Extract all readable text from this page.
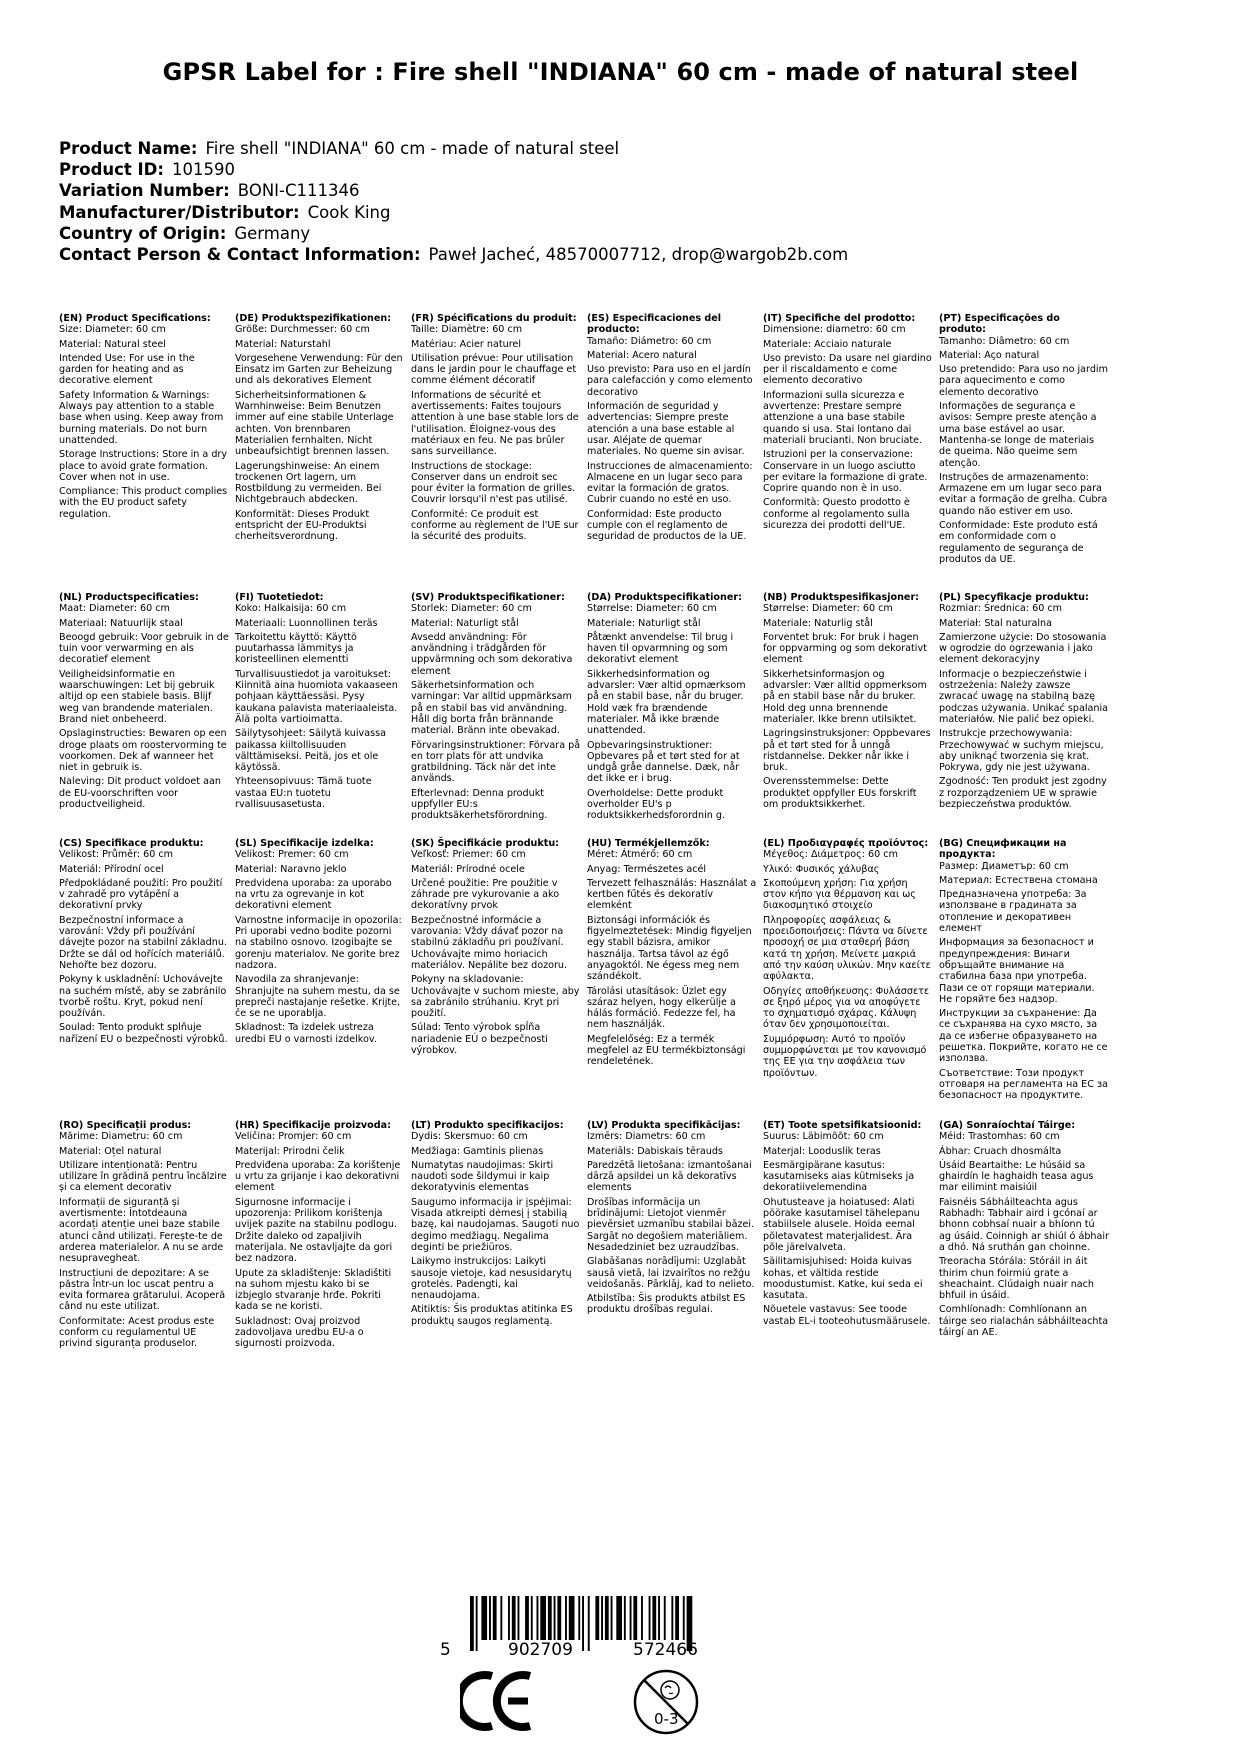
GPSR Label for : Fire shell "INDIANA" 60 cm - made of natural steel
Product Name: Fire shell "INDIANA" 60 cm - made of natural steel
Product ID: 101590
Variation Number: BONI-C111346
Manufacturer/Distributor: Cook King
Country of Origin: Germany
Contact Person & Contact Information: Paweł Jacheć, 48570007712, drop@wargob2b.com
(EN) Product Specifications:
Size: Diameter: 60 cm
Material: Natural steel
Intended Use: For use in the garden for heating and as decorative element
Safety Information & Warnings: Always pay attention to a stable base when using. Keep away from burning materials. Do not burn unattended.
Storage Instructions: Store in a dry place to avoid grate formation. Cover when not in use.
Compliance: This product complies with the EU product safety regulation.
(DE) Produktspezifikationen:
Größe: Durchmesser: 60 cm
Material: Naturstahl
Vorgesehene Verwendung: Für den Einsatz im Garten zur Beheizung und als dekoratives Element
Sicherheitsinformationen & Warnhinweise: Beim Benutzen immer auf eine stabile Unterlage achten. Von brennbaren Materialien fernhalten. Nicht unbeaufsichtigt brennen lassen.
Lagerungshinweise: An einem trockenen Ort lagern, um Rostbildung zu vermeiden. Bei Nichtgebrauch abdecken.
Konformität: Dieses Produkt entspricht der EU-Produktsi cherheitsverordnung.
(FR) Spécifications du produit:
Taille: Diamètre: 60 cm
Matériau: Acier naturel
Utilisation prévue: Pour utilisation dans le jardin pour le chauffage et comme élément décoratif
Informations de sécurité et avertissements: Faites toujours attention à une base stable lors de l'utilisation. Éloignez-vous des matériaux en feu. Ne pas brûler sans surveillance.
Instructions de stockage: Conserver dans un endroit sec pour éviter la formation de grilles. Couvrir lorsqu'il n'est pas utilisé.
Conformité: Ce produit est conforme au règlement de l'UE sur la sécurité des produits.
(ES) Especificaciones del producto:
Tamaño: Diámetro: 60 cm
Material: Acero natural
Uso previsto: Para uso en el jardín para calefacción y como elemento decorativo
Información de seguridad y advertencias: Siempre preste atención a una base estable al usar. Aléjate de quemar materiales. No queme sin avisar.
Instrucciones de almacenamiento: Almacene en un lugar seco para evitar la formación de gratos. Cubrir cuando no esté en uso.
Conformidad: Este producto cumple con el reglamento de seguridad de productos de la UE.
(IT) Specifiche del prodotto:
Dimensione: diametro: 60 cm
Materiale: Acciaio naturale
Uso previsto: Da usare nel giardino per il riscaldamento e come elemento decorativo
Informazioni sulla sicurezza e avvertenze: Prestare sempre attenzione a una base stabile quando si usa. Stai lontano dai materiali brucianti. Non bruciate.
Istruzioni per la conservazione: Conservare in un luogo asciutto per evitare la formazione di grate. Coprire quando non è in uso.
Conformità: Questo prodotto è conforme al regolamento sulla sicurezza dei prodotti dell'UE.
(PT) Especificações do produto:
Tamanho: Diâmetro: 60 cm
Material: Aço natural
Uso pretendido: Para uso no jardim para aquecimento e como elemento decorativo
Informações de segurança e avisos: Sempre preste atenção a uma base estável ao usar. Mantenha-se longe de materiais de queima. Não queime sem atenção.
Instruções de armazenamento: Armazene em um lugar seco para evitar a formação de grelha. Cubra quando não estiver em uso.
Conformidade: Este produto está em conformidade com o regulamento de segurança de produtos da UE.
(NL) Productspecificaties:
Maat: Diameter: 60 cm
Materiaal: Natuurlijk staal
Beoogd gebruik: Voor gebruik in de tuin voor verwarming en als decoratief element
Veiligheidsinformatie en waarschuwingen: Let bij gebruik altijd op een stabiele basis. Blijf weg van brandende materialen. Brand niet onbeheerd.
Opslaginstructies: Bewaren op een droge plaats om roostervorming te voorkomen. Dek af wanneer het niet in gebruik is.
Naleving: Dit product voldoet aan de EU-voorschriften voor productveiligheid.
(FI) Tuotetiedot:
Koko: Halkaisija: 60 cm
Materiaali: Luonnollinen teräs
Tarkoitettu käyttö: Käyttö puutarhassa lämmitys ja koristeellinen elementti
Turvallisuustiedot ja varoitukset: Kiinnitä aina huomiota vakaaseen pohjaan käyttäessäsi. Pysy kaukana palavista materiaaleista. Älä polta vartioimatta.
Säilytysohjeet: Säilytä kuivassa paikassa kiiltollisuuden välttämiseksi. Peitä, jos et ole käytössä.
Yhteensopivuus: Tämä tuote vastaa EU:n tuotetu rvallisuusasetusta.
(SV) Produktspecifikationer:
Storlek: Diameter: 60 cm
Material: Naturligt stål
Avsedd användning: För användning i trädgården för uppvärmning och som dekorativa element
Säkerhetsinformation och varningar: Var alltid uppmärksam på en stabil bas vid användning. Håll dig borta från brännande material. Bränn inte obevakad.
Förvaringsinstruktioner: Förvara på en torr plats för att undvika gratbildning. Täck när det inte används.
Efterlevnad: Denna produkt uppfyller EU:s produktsäkerhetsförordning.
(DA) Produktspecifikationer:
Størrelse: Diameter: 60 cm
Materiale: Naturligt stål
Påtænkt anvendelse: Til brug i haven til opvarmning og som dekorativt element
Sikkerhedsinformation og advarsler: Vær altid opmærksom på en stabil base, når du bruger. Hold væk fra brændende materialer. Må ikke brænde unattended.
Opbevaringsinstruktioner: Opbevares på et tørt sted for at undgå gråe dannelse. Dæk, når det ikke er i brug.
Overholdelse: Dette produkt overholder EU's p roduktsikkerhedsforordnin g.
(NB) Produktspesifikasjoner:
Størrelse: Diameter: 60 cm
Materiale: Naturlig stål
Forventet bruk: For bruk i hagen for oppvarming og som dekorativt element
Sikkerhetsinformasjon og advarsler: Vær alltid oppmerksom på en stabil base når du bruker. Hold deg unna brennende materialer. Ikke brenn utilsiktet.
Lagringsinstruksjoner: Oppbevares på et tørt sted for å unngå ristdannelse. Dekker når ikke i bruk.
Overensstemmelse: Dette produktet oppfyller EUs forskrift om produktsikkerhet.
(PL) Specyfikacje produktu:
Rozmiar: Średnica: 60 cm
Materiał: Stal naturalna
Zamierzone użycie: Do stosowania w ogrodzie do ogrzewania i jako element dekoracyjny
Informacje o bezpieczeństwie i ostrzeżenia: Należy zawsze zwracać uwagę na stabilną bazę podczas używania. Unikać spalania materiałów. Nie palić bez opieki.
Instrukcje przechowywania: Przechowywać w suchym miejscu, aby uniknąć tworzenia się krat. Pokrywa, gdy nie jest używana.
Zgodność: Ten produkt jest zgodny z rozporządzeniem UE w sprawie bezpieczeństwa produktów.
(CS) Specifikace produktu:
Velikost: Průměr: 60 cm
Materiál: Přírodní ocel
Předpokládané použití: Pro použití v zahradě pro vytápění a dekorativní prvky
Bezpečnostní informace a varování: Vždy při používání dávejte pozor na stabilní základnu. Držte se dál od hořících materiálů. Nehořte bez dozoru.
Pokyny k uskladnění: Uchovávejte na suchém místě, aby se zabránilo tvorbě roštu. Kryt, pokud není používán.
Soulad: Tento produkt splňuje nařízení EU o bezpečnosti výrobků.
(SL) Specifikacije izdelka:
Velikost: Premer: 60 cm
Material: Naravno jeklo
Predvidena uporaba: za uporabo na vrtu za ogrevanje in kot dekorativni element
Varnostne informacije in opozorila: Pri uporabi vedno bodite pozorni na stabilno osnovo. Izogibajte se gorenju materialov. Ne gorite brez nadzora.
Navodila za shranjevanje: Shranjujte na suhem mestu, da se prepreči nastajanje rešetke. Krijte, če se ne uporablja.
Skladnost: Ta izdelek ustreza uredbi EU o varnosti izdelkov.
(SK) Špecifikácie produktu:
Veľkosť: Priemer: 60 cm
Materiál: Prírodné ocele
Určené použitie: Pre použitie v záhrade pre vykurovanie a ako dekoratívny prvok
Bezpečnostné informácie a varovania: Vždy dávať pozor na stabilnú základňu pri používaní. Uchovávajte mimo horiacich materiálov. Nepálite bez dozoru.
Pokyny na skladovanie: Uchovávajte v suchom mieste, aby sa zabránilo strúhaniu. Kryt pri použití.
Súlad: Tento výrobok spĺňa nariadenie EÚ o bezpečnosti výrobkov.
(HU) Termékjellemzők:
Méret: Átmérő: 60 cm
Anyag: Természetes acél
Tervezett felhasználás: Használat a kertben fűtés és dekoratív elemként
Biztonsági információk és figyelmeztetések: Mindig figyeljen egy stabil bázisra, amikor használja. Tartsa távol az égő anyagoktól. Ne égess meg nem szándékolt.
Tárolási utasítások: Üzlet egy száraz helyen, hogy elkerülje a hálás formáció. Fedezze fel, ha nem használják.
Megfelelőség: Ez a termék megfelel az EU termékbiztonsági rendeletének.
(EL) Προδιαγραφές προϊόντος:
Μέγεθος: Διάμετρος: 60 cm
Υλικό: Φυσικός χάλυβας
Σκοπούμενη χρήση: Για χρήση στον κήπο για θέρμανση και ως διακοσμητικό στοιχείο
Πληροφορίες ασφάλειας & προειδοποιήσεις: Πάντα να δίνετε προσοχή σε μια σταθερή βάση κατά τη χρήση. Μείνετε μακριά από την καύση υλικών. Μην καείτε αφύλακτα.
Οδηγίες αποθήκευσης: Φυλάσσετε σε ξηρό μέρος για να αποφύγετε το σχηματισμό σχάρας. Κάλυψη όταν δεν χρησιμοποιείται.
Συμμόρφωση: Αυτό το προϊόν συμμορφώνεται με τον κανονισμό της ΕΕ για την ασφάλεια των προϊόντων.
(BG) Спецификации на продукта:
Размер: Диаметър: 60 cm
Материал: Естествена стомана
Предназначена употреба: За използване в градината за отопление и декоративен елемент
Информация за безопасност и предупреждения: Винаги обръщайте внимание на стабилна база при употреба. Пази се от горящи материали. Не горяйте без надзор.
Инструкции за съхранение: Да се съхранява на сухо място, за да се избегне образуването на решетка. Покрийте, когато не се използва.
Съответствие: Този продукт отговаря на регламента на ЕС за безопасност на продуктите.
(RO) Specificații produs:
Mărime: Diametru: 60 cm
Material: Oțel natural
Utilizare intenționată: Pentru utilizare în grădină pentru încălzire și ca element decorativ
Informații de siguranță și avertismente: Întotdeauna acordați atenție unei baze stabile atunci când utilizați. Ferește-te de arderea materialelor. A nu se arde nesupravegheat.
Instrucțiuni de depozitare: A se păstra într-un loc uscat pentru a evita formarea grătarului. Acoperă când nu este utilizat.
Conformitate: Acest produs este conform cu regulamentul UE privind siguranța produselor.
(HR) Specifikacije proizvoda:
Veličina: Promjer: 60 cm
Materijal: Prirodni čelik
Predviđena uporaba: Za korištenje u vrtu za grijanje i kao dekorativni element
Sigurnosne informacije i upozorenja: Prilikom korištenja uvijek pazite na stabilnu podlogu. Držite daleko od zapaljivih materijala. Ne ostavljajte da gori bez nadzora.
Upute za skladištenje: Skladištiti na suhom mjestu kako bi se izbjeglo stvaranje hrđe. Pokriti kada se ne koristi.
Sukladnost: Ovaj proizvod zadovoljava uredbu EU-a o sigurnosti proizvoda.
(LT) Produkto specifikacijos:
Dydis: Skersmuo: 60 cm
Medžiaga: Gamtinis plienas
Numatytas naudojimas: Skirti naudoti sode šildymui ir kaip dekoratyvinis elementas
Saugumo informacija ir įspėjimai: Visada atkreipti dėmesį į stabilią bazę, kai naudojamas. Saugoti nuo degimo medžiagų. Negalima deginti be priežiūros.
Laikymo instrukcijos: Laikyti sausoje vietoje, kad nesusidarytų grotelės. Padengti, kai nenaudojama.
Atitiktis: Šis produktas atitinka ES produktų saugos reglamentą.
(LV) Produkta specifikācijas:
Izmērs: Diametrs: 60 cm
Materiāls: Dabiskais tērauds
Paredzētā lietošana: izmantošanai dārzā apsildei un kā dekoratīvs elements
Drošības informācija un brīdinājumi: Lietojot vienmēr pievērsiet uzmanību stabilai bāzei. Sargāt no degošiem materiāliem. Nesadedziniet bez uzraudzības.
Glabāšanas norādījumi: Uzglabāt sausā vietā, lai izvairītos no režģu veidošanās. Pārklāj, kad to nelieto.
Atbilstība: Šis produkts atbilst ES produktu drošības regulai.
(ET) Toote spetsifikatsioonid:
Suurus: Läbimõõt: 60 cm
Materjal: Looduslik teras
Eesmärgipärane kasutus: kasutamiseks aias kütmiseks ja dekoratiivelemendina
Ohutusteave ja hoiatused: Alati pöörake kasutamisel tähelepanu stabiilsele alusele. Hoida eemal põletavatest materjalidest. Ära põle järelvalveta.
Säilitamisjuhised: Hoida kuivas kohas, et vältida restide moodustumist. Katke, kui seda ei kasutata.
Nõuetele vastavus: See toode vastab EL-i tooteohutusmäärusele.
(GA) Sonraíochtaí Táirge:
Méid: Trastomhas: 60 cm
Ábhar: Cruach dhosmálta
Úsáid Beartaithe: Le húsáid sa ghairdín le haghaidh teasa agus mar eilimint maisiúil
Faisnéis Sábháilteachta agus Rabhadh: Tabhair aird i gcónaí ar bhonn cobhsaí nuair a bhíonn tú ag úsáid. Coinnigh ar shiúl ó ábhair a dhó. Ná sruthán gan choinne.
Treoracha Stórála: Stóráil in áit thirim chun foirmiú grate a sheachaint. Clúdaigh nuair nach bhfuil in úsáid.
Comhlíonadh: Comhlíonann an táirge seo rialachán sábháilteachta táirgí an AE.
5	902709	572466
0-3
